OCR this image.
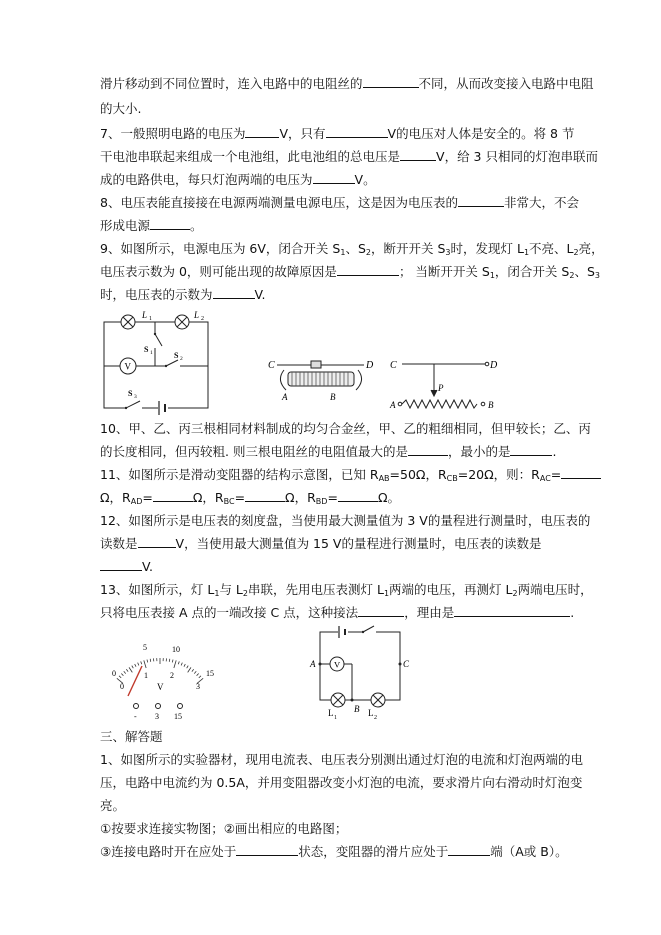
滑片移动到不同位置时，连入电路中的电阻丝的	不同，从而改变接入电路中电阻
的大小.
7、一般照明电路的电压为	V，只有	V的电压对人体是安全的。将 8 节
干电池串联起来组成一个电池组，此电池组的总电压是	V，给 3 只相同的灯泡串联而
成的电路供电，每只灯泡两端的电压为	V。
8、电压表能直接接在电源两端测量电源电压，这是因为电压表的	非常大，不会
形成电源	。
9、如图所示，电源电压为 6V，闭合开关 $S_1$、$S_2$，断开开关 $S_3$时，发现灯 $L_1$不亮、$L_2$亮，
电压表示数为 0，则可能出现的故障原因是	； 当断开开关 $S_1$，闭合开关 $S_2$、$S_3$
时，电压表的示数为	V.
L 1	L 2
S 1
V
S 2
S 3
C	D
A	B
C	D
P
A	B
10、甲、乙、丙三根相同材料制成的均匀合金丝，甲、乙的粗细相同，但甲较长；乙、丙
的长度相同，但丙较粗. 则三根电阻丝的电阻值最大的是	，最小的是	.
11、如图所示是滑动变阻器的结构示意图，已知 $R_{AB}=50\Omega$，$R_{CB}=20\Omega$，则：$R_{AC}=$
Ω，$R_{AD}=$	Ω，$R_{BC}=$	Ω，$R_{BD}=$	Ω。
12、如图所示是电压表的刻度盘，当使用最大测量值为 3 V的量程进行测量时，电压表的
读数是	V，当使用最大测量值为 15 V的量程进行测量时，电压表的读数是
V.
13、如图所示，灯 $L_1$与 $L_2$串联，先用电压表测灯 $L_1$两端的电压，再测灯 $L_2$两端电压时，
只将电压表接 A 点的一端改接 C 点，这种接法	，理由是	.
0
5	10
15
0
1	2
3
V
- 3 15
V
A	C
B
L 1	L 2
三、解答题
1、如图所示的实验器材，现用电流表、电压表分别测出通过灯泡的电流和灯泡两端的电
压，电路中电流约为 0.5A，并用变阻器改变小灯泡的电流，要求滑片向右滑动时灯泡变
亮。
①按要求连接实物图；②画出相应的电路图；
③连接电路时开在应处于	状态，变阻器的滑片应处于	端（A或 B）。
